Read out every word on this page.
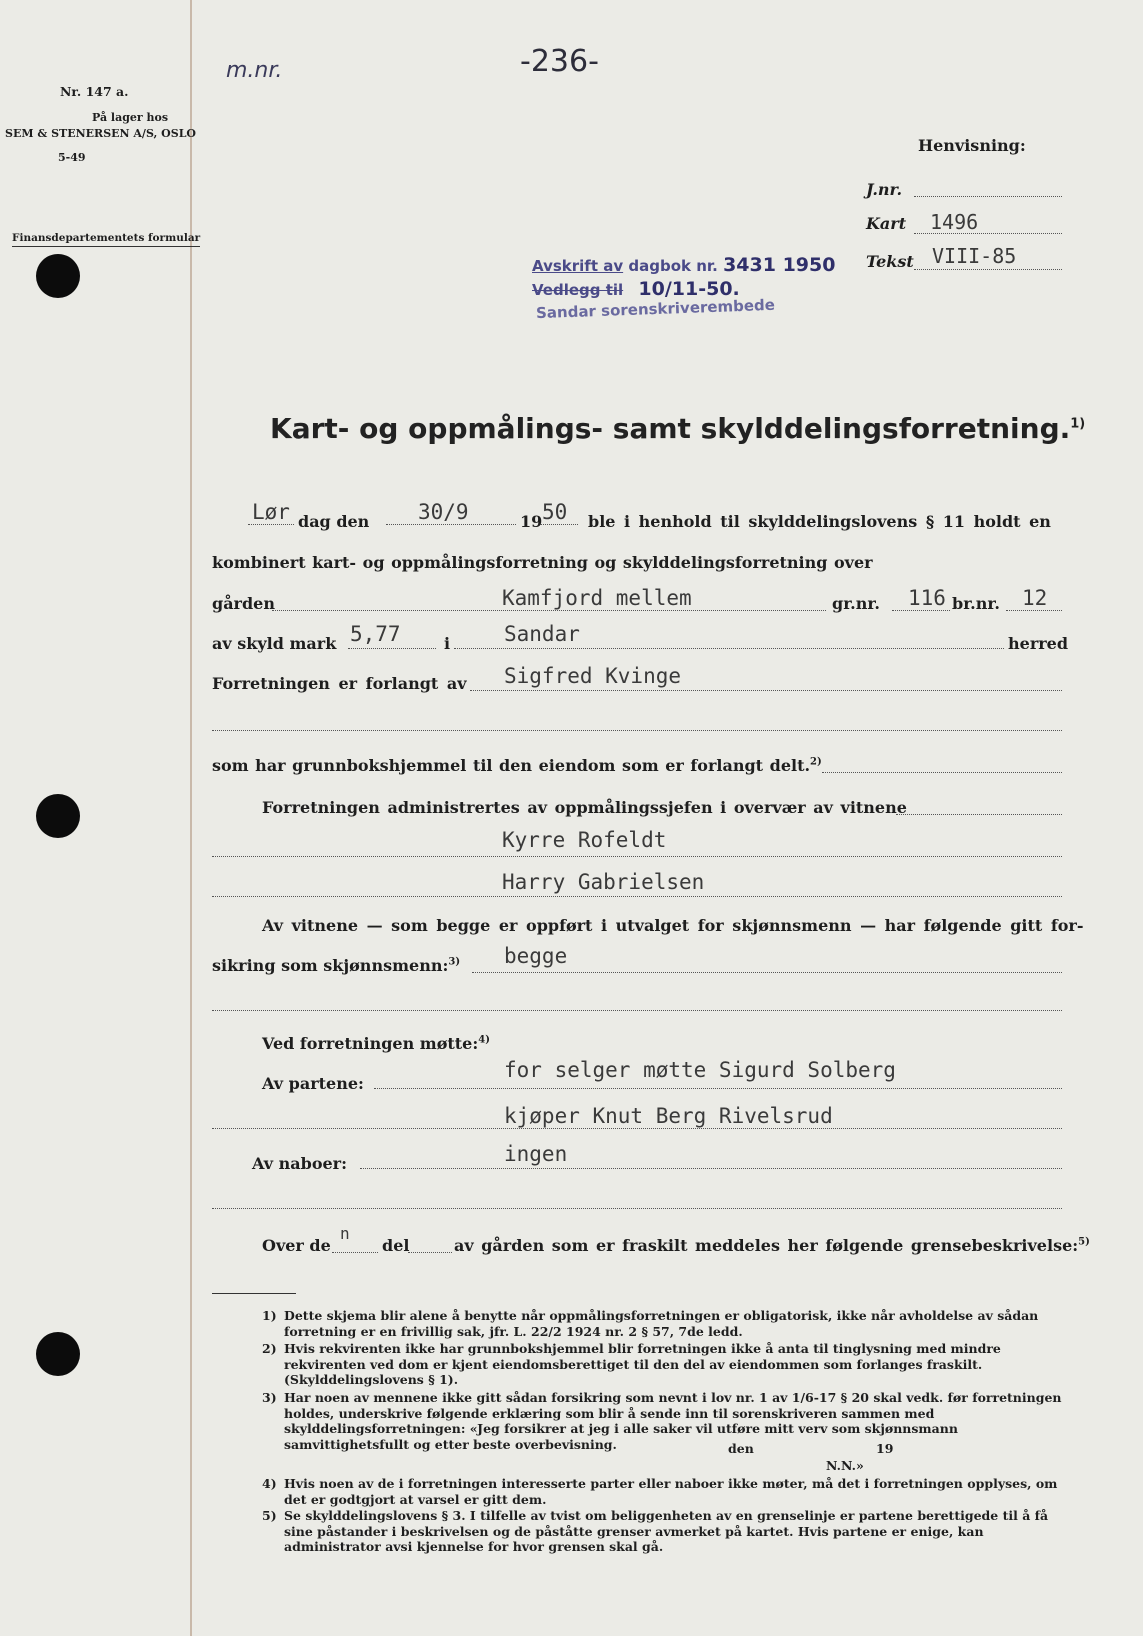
Nr. 147 a.
På lager hos
SEM & STENERSEN A/S, OSLO
5-49
Finansdepartementets formular
-236-
m.nr.
Henvisning:
J.nr.
Kart 1496
Tekst VIII-85
Avskrift av dagbok nr. 3431 1950
Vedlegg til 10/11-50.
Sandar sorenskriverembede
Kart- og oppmålings- samt skylddelingsforretning.$^{1)}$
Lør dag den 30/9	19 50 ble i henhold til skylddelingslovens § 11 holdt en
kombinert kart- og oppmålingsforretning og skylddelingsforretning over
gården	Kamfjord mellem	gr.nr. 116 br.nr. 12
av skyld mark 5,77	i	Sandar	herred
Forretningen er forlangt av Sigfred Kvinge
som har grunnbokshjemmel til den eiendom som er forlangt delt.$^{2)}$
Forretningen administrertes av oppmålingssjefen i overvær av vitnene
Kyrre Rofeldt
Harry Gabrielsen
Av vitnene — som begge er oppført i utvalget for skjønnsmenn — har følgende gitt for-
sikring som skjønnsmenn:$^{3)}$ begge
Ved forretningen møtte:$^{4)}$
Av partene:
for selger møtte Sigurd Solberg
kjøper Knut Berg Rivelsrud
Av naboer:	ingen
Over de
n
del	av gården som er fraskilt meddeles her følgende grensebeskrivelse:$^{5)}$
1) Dette skjema blir alene å benytte når oppmålingsforretningen er obligatorisk, ikke når avholdelse av sådan forretning er en frivillig sak, jfr. L. 22/2 1924 nr. 2 § 57, 7de ledd.
2) Hvis rekvirenten ikke har grunnbokshjemmel blir forretningen ikke å anta til tinglysning med mindre rekvirenten ved dom er kjent eiendomsberettiget til den del av eiendommen som forlanges fraskilt. (Skylddelingslovens § 1).
3) Har noen av mennene ikke gitt sådan forsikring som nevnt i lov nr. 1 av 1/6-17 § 20 skal vedk. før forretningen holdes, underskrive følgende erklæring som blir å sende inn til sorenskriveren sammen med skylddelingsforretningen: «Jeg forsikrer at jeg i alle saker vil utføre mitt verv som skjønnsmann samvittighetsfullt og etter beste overbevisning.	den	19
N.N.»
4) Hvis noen av de i forretningen interesserte parter eller naboer ikke møter, må det i forretningen opplyses, om det er godtgjort at varsel er gitt dem.
5) Se skylddelingslovens § 3. I tilfelle av tvist om beliggenheten av en grenselinje er partene berettigede til å få sine påstander i beskrivelsen og de påståtte grenser avmerket på kartet. Hvis partene er enige, kan administrator avsi kjennelse for hvor grensen skal gå.
